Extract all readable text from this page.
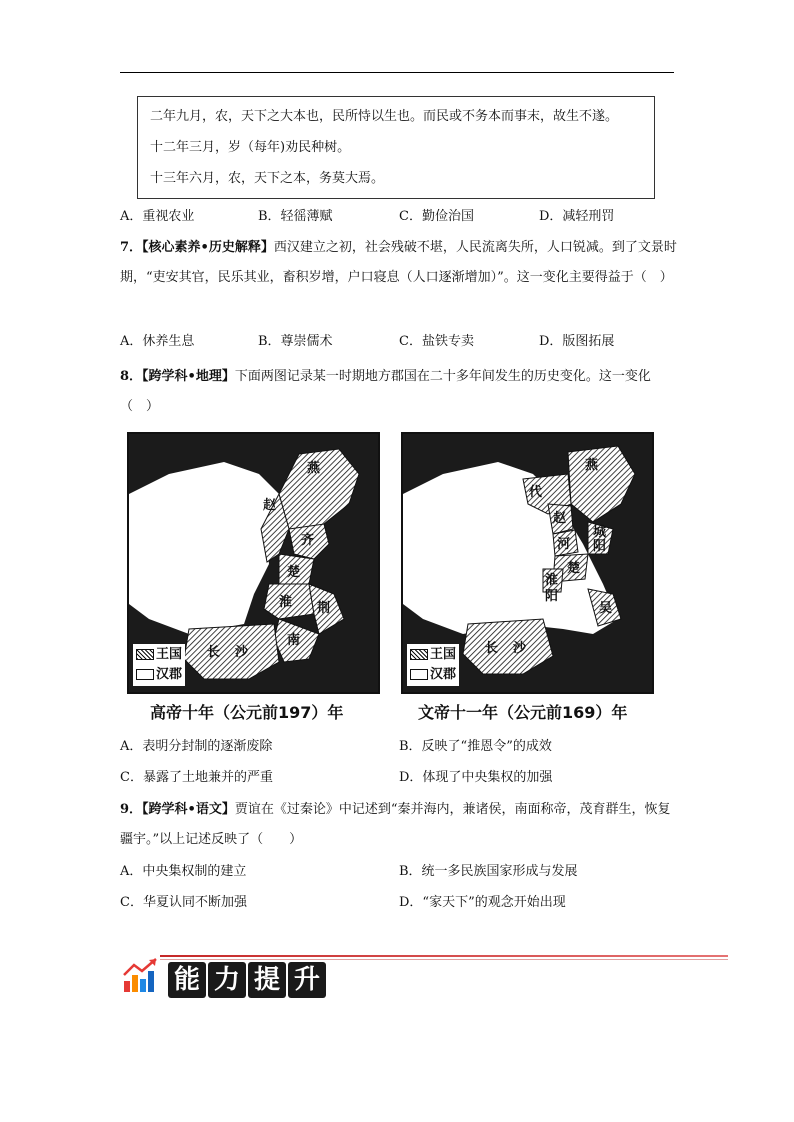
二年九月，农，天下之大本也，民所恃以生也。而民或不务本而事末，故生不遂。
十二年三月，岁（每年)劝民种树。
十三年六月，农，天下之本，务莫大焉。
A．重视农业	B．轻徭薄赋	C．勤俭治国	D．减轻刑罚
7．【核心素养•历史解释】西汉建立之初，社会残破不堪，人民流离失所，人口锐减。到了文景时期，“吏安其官，民乐其业，畜积岁增，户口寝息（人口逐渐增加）”。这一变化主要得益于（　）
A．休养生息	B．尊崇儒术	C．盐铁专卖	D．版图拓展
8．【跨学科•地理】下面两图记录某一时期地方郡国在二十多年间发生的历史变化。这一变化（　）
燕
赵
齐
楚
淮 荆
南
长 沙
王国
汉郡
燕
代
赵
河
楚
淮
阳
城
阳
吴
长 沙
王国
汉郡
高帝十年（公元前197）年	文帝十一年（公元前169）年
A．表明分封制的逐渐废除	B．反映了“推恩令”的成效
C．暴露了土地兼并的严重	D．体现了中央集权的加强
9．【跨学科•语文】贾谊在《过秦论》中记述到“秦并海内，兼诸侯，南面称帝，茂育群生，恢复疆宇。”以上记述反映了（　　）
A．中央集权制的建立	B．统一多民族国家形成与发展
C．华夏认同不断加强	D．“家天下”的观念开始出现
能 力 提 升
